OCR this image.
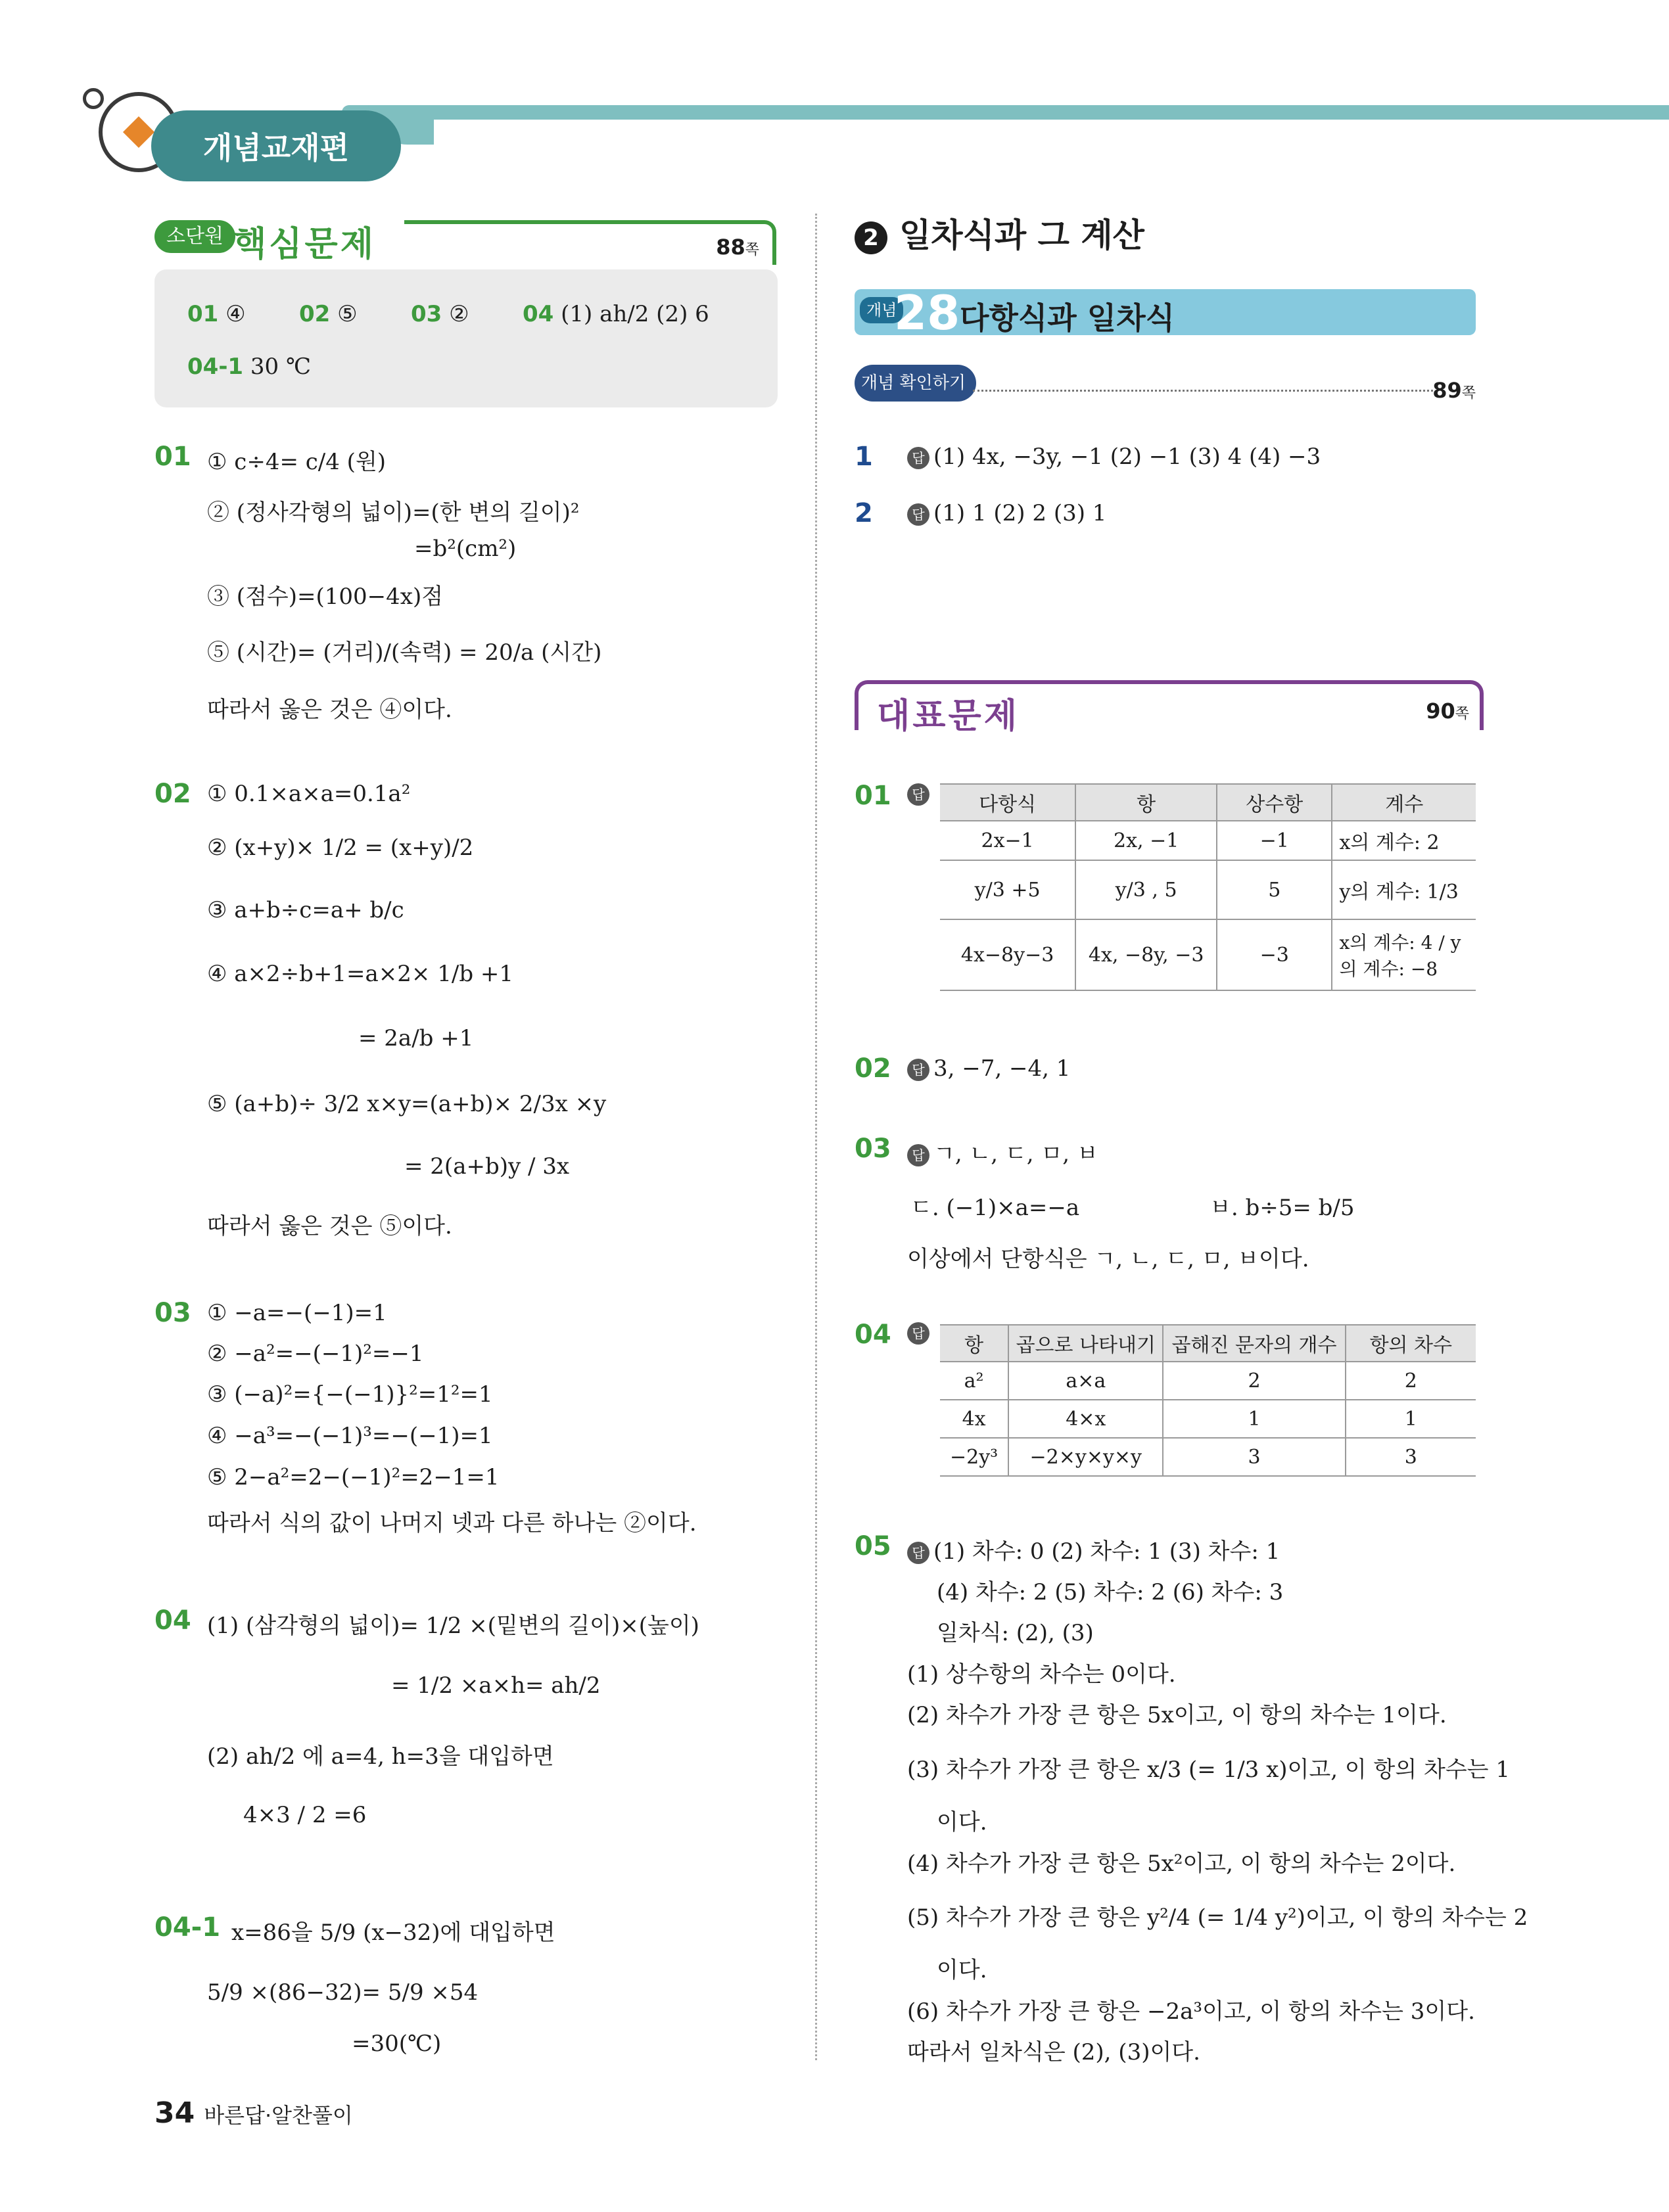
개념교재편
소단원 핵심문제	88쪽
01 ④ 02 ⑤ 03 ② 04 (1) ah/2 (2) 6
04-1 30 ℃
01 ① c÷4= c/4 (원)
② (정사각형의 넓이)=(한 변의 길이)²
=b²(cm²)
③ (점수)=(100−4x)점
⑤ (시간)= (거리)/(속력) = 20/a (시간)
따라서 옳은 것은 ④이다.
02 ① 0.1×a×a=0.1a²
② (x+y)× 1/2 = (x+y)/2
③ a+b÷c=a+ b/c
④ a×2÷b+1=a×2× 1/b +1
= 2a/b +1
⑤ (a+b)÷ 3/2 x×y=(a+b)× 2/3x ×y
= 2(a+b)y / 3x
따라서 옳은 것은 ⑤이다.
03 ① −a=−(−1)=1
② −a²=−(−1)²=−1
③ (−a)²={−(−1)}²=1²=1
④ −a³=−(−1)³=−(−1)=1
⑤ 2−a²=2−(−1)²=2−1=1
따라서 식의 값이 나머지 넷과 다른 하나는 ②이다.
04 (1) (삼각형의 넓이)= 1/2 ×(밑변의 길이)×(높이)
= 1/2 ×a×h= ah/2
(2) ah/2 에 a=4, h=3을 대입하면
4×3 / 2 =6
04-1 x=86을 5/9 (x−32)에 대입하면
5/9 ×(86−32)= 5/9 ×54
=30(℃)
2 일차식과 그 계산
개념
28 다항식과 일차식
개념 확인하기	89쪽
1	답 (1) 4x, −3y, −1 (2) −1 (3) 4 (4) −3
2	답 (1) 1 (2) 2 (3) 1
대표문제	90쪽
01	답	다항식	항	상수항	계수
2x−1	2x, −1	−1	x의 계수: 2
y/3 +5	y/3 , 5	5	y의 계수: 1/3
4x−8y−3	4x, −8y, −3	−3	x의 계수: 4 / y의 계수: −8
02	답 3, −7, −4, 1
03	답 ㄱ, ㄴ, ㄷ, ㅁ, ㅂ
ㄷ. (−1)×a=−a	ㅂ. b÷5= b/5
이상에서 단항식은 ㄱ, ㄴ, ㄷ, ㅁ, ㅂ이다.
04	답
항	곱으로 나타내기	곱해진 문자의 개수	항의 차수
a²	a×a	2	2
4x	4×x	1	1
−2y³	−2×y×y×y	3	3
05	답 (1) 차수: 0 (2) 차수: 1 (3) 차수: 1
(4) 차수: 2 (5) 차수: 2 (6) 차수: 3
일차식: (2), (3)
(1) 상수항의 차수는 0이다.
(2) 차수가 가장 큰 항은 5x이고, 이 항의 차수는 1이다.
(3) 차수가 가장 큰 항은 x/3 (= 1/3 x)이고, 이 항의 차수는 1
이다.
(4) 차수가 가장 큰 항은 5x²이고, 이 항의 차수는 2이다.
(5) 차수가 가장 큰 항은 y²/4 (= 1/4 y²)이고, 이 항의 차수는 2
이다.
(6) 차수가 가장 큰 항은 −2a³이고, 이 항의 차수는 3이다.
따라서 일차식은 (2), (3)이다.
34 바른답·알찬풀이
